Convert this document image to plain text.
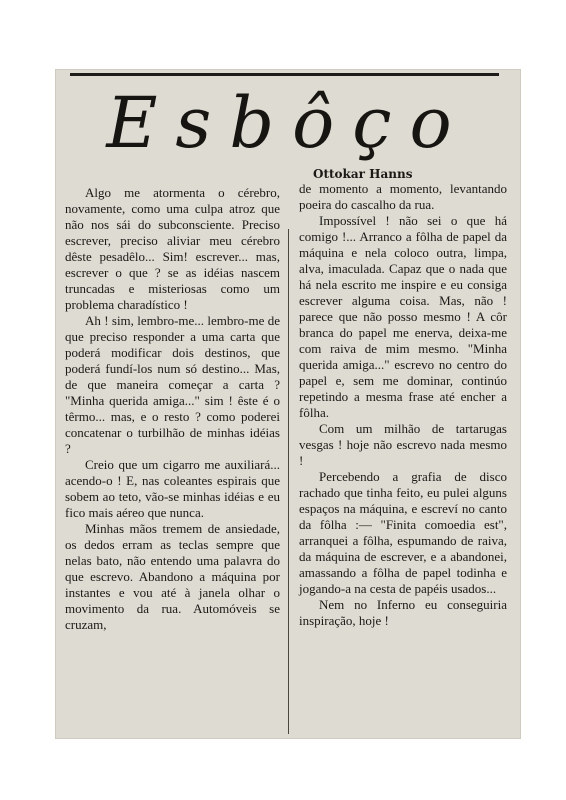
Esbôço
Ottokar Hanns

Algo me atormenta o cérebro, novamente, como uma culpa atroz que não nos sái do subconsciente. Preciso escrever, preciso aliviar meu cérebro dêste pesadêlo... Sim! escrever... mas, escrever o que ? se as idéias nascem truncadas e misteriosas como um problema charadístico !

Ah ! sim, lembro-me... lembro-me de que preciso responder a uma carta que poderá modificar dois destinos, que poderá fundí-los num só destino... Mas, de que maneira começar a carta ? "Minha querida amiga..." sim ! êste é o têrmo... mas, e o resto ? como poderei concatenar o turbilhão de minhas idéias ?

Creio que um cigarro me auxiliará... acendo-o ! E, nas coleantes espirais que sobem ao teto, vão-se minhas idéias e eu fico mais aéreo que nunca.

Minhas mãos tremem de ansiedade, os dedos erram as teclas sempre que nelas bato, não entendo uma palavra do que escrevo. Abandono a máquina por instantes e vou até à janela olhar o movimento da rua. Automóveis se cruzam,

de momento a momento, levantando poeira do cascalho da rua.

Impossível ! não sei o que há comigo !... Arranco a fôlha de papel da máquina e nela coloco outra, limpa, alva, imaculada. Capaz que o nada que há nela escrito me inspire e eu consiga escrever alguma coisa. Mas, não ! parece que não posso mesmo ! A côr branca do papel me enerva, deixa-me com raiva de mim mesmo. "Minha querida amiga..." escrevo no centro do papel e, sem me dominar, continúo repetindo a mesma frase até encher a fôlha.

Com um milhão de tartarugas vesgas ! hoje não escrevo nada mesmo !

Percebendo a grafia de disco rachado que tinha feito, eu pulei alguns espaços na máquina, e escreví no canto da fôlha :— "Finita comoedia est", arranquei a fôlha, espumando de raiva, da máquina de escrever, e a abandonei, amassando a fôlha de papel todinha e jogando-a na cesta de papéis usados...

Nem no Inferno eu conseguiria inspiração, hoje !
